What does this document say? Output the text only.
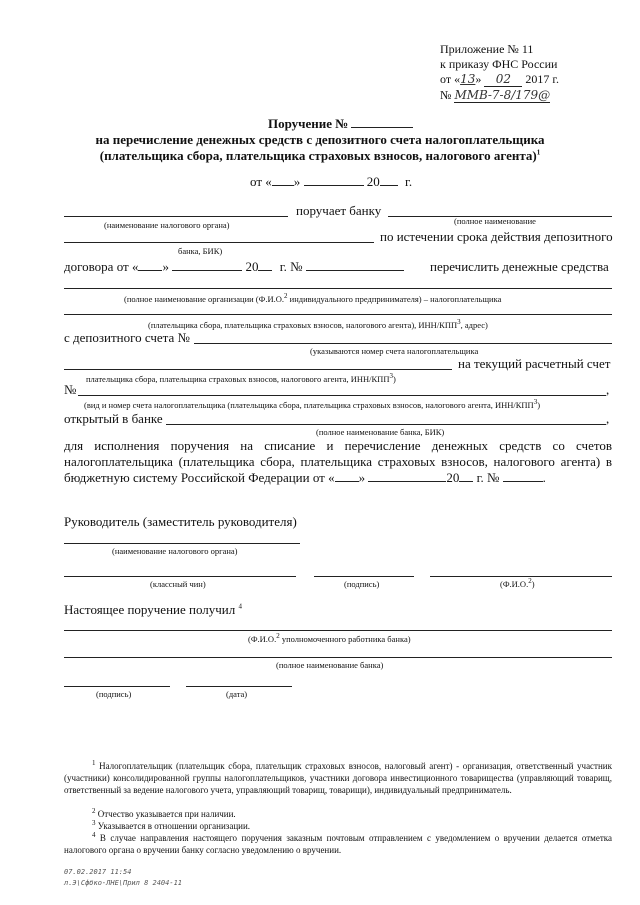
Приложение № 11
к приказу ФНС России
от «13» 02 2017 г.
№ ММВ-7-8/179@
Поручение №
на перечисление денежных средств с депозитного счета налогоплательщика
(плательщика сбора, плательщика страховых взносов, налогового агента)$^1$
от « »	20 г.
поручает банку
(наименование налогового органа)	(полное наименование
по истечении срока действия депозитного
банка, БИК)
договора от « »	20 г. №	перечислить денежные средства
(полное наименование организации (Ф.И.О.$^2$ индивидуального предпринимателя) – налогоплательщика
(плательщика сбора, плательщика страховых взносов, налогового агента), ИНН/КПП$^3$, адрес)
с депозитного счета №
(указываются номер счета налогоплательщика
на текущий расчетный счет
плательщика сбора, плательщика страховых взносов, налогового агента, ИНН/КПП$^3$)
№	,
(вид и номер счета налогоплательщика (плательщика сбора, плательщика страховых взносов, налогового агента, ИНН/КПП$^3$)
открытый в банке	,
(полное наименование банка, БИК)
для исполнения поручения на списание и перечисление денежных средств со счетов налогоплательщика (плательщика сбора, плательщика страховых взносов, налогового агента) в бюджетную систему Российской Федерации от « »	20 г. №	.
Руководитель (заместитель руководителя)
(наименование налогового органа)
(классный чин)	(подпись)	(Ф.И.О.$^2$)
Настоящее поручение получил $^4$
(Ф.И.О.$^2$ уполномоченного работника банка)
(полное наименование банка)
(подпись)	(дата)
$^1$ Налогоплательщик (плательщик сбора, плательщик страховых взносов, налоговый агент) - организация, ответственный участник (участники) консолидированной группы налогоплательщиков, участники договора инвестиционного товарищества (управляющий товарищ, ответственный за ведение налогового учета, управляющий товарищ, товарищи), индивидуальный предприниматель.
$^2$ Отчество указывается при наличии.
$^3$ Указывается в отношении организации.
$^4$ В случае направления настоящего поручения заказным почтовым отправлением с уведомлением о вручении делается отметка налогового органа о вручении банку согласно уведомлению о вручении.
07.02.2017 11:54
л.Э\Сфбко-ЛНЕ\Прил 8 2404-11
